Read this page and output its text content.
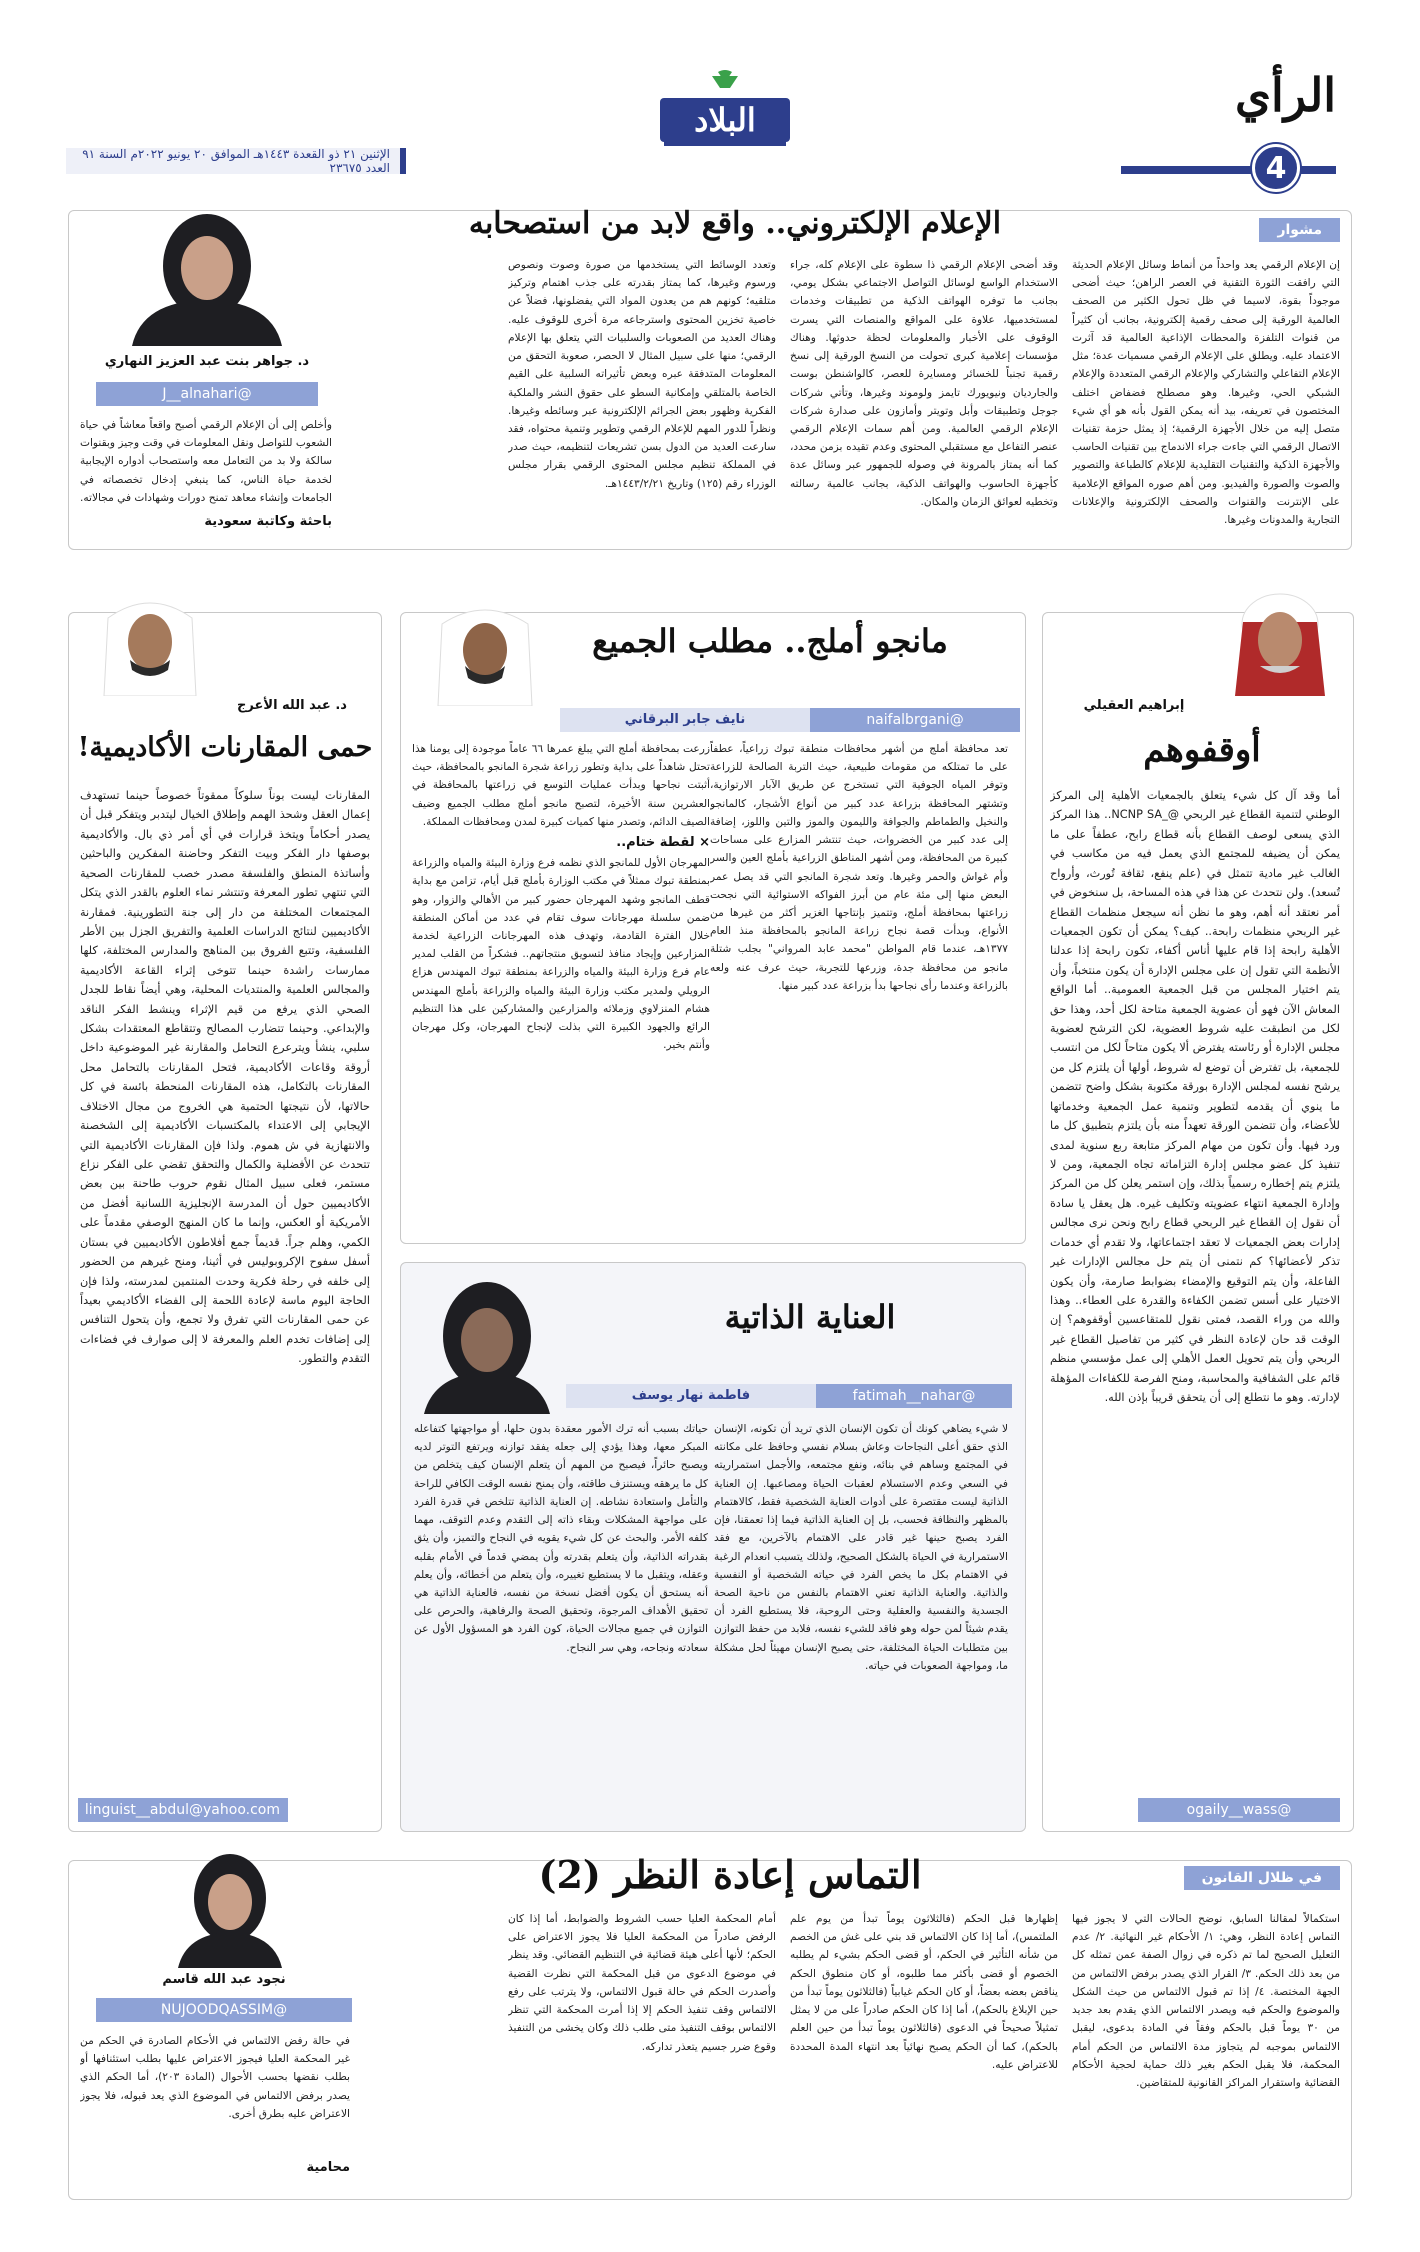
الرأي
4
البلاد
الإثنين ٢١ ذو القعدة ١٤٤٣هـ الموافق ٢٠ يونيو ٢٠٢٢م السنة ٩١ العدد ٢٣٦٧٥
مشوار
الإعلام الإلكتروني.. واقع لابد من استصحابه
إن الإعلام الرقمي يعد واحداً من أنماط وسائل الإعلام الحديثة التي رافقت الثورة التقنية في العصر الراهن؛ حيث أضحى موجوداً بقوة، لاسيما في ظل تحول الكثير من الصحف العالمية الورقية إلى صحف رقمية إلكترونية، بجانب أن كثيراً من قنوات التلفزة والمحطات الإذاعية العالمية قد آثرت الاعتماد عليه. ويطلق على الإعلام الرقمي مسميات عدة؛ مثل الإعلام التفاعلي والتشاركي والإعلام الرقمي المتعددة والإعلام الشبكي الحي، وغيرها. وهو مصطلح فضفاض اختلف المختصون في تعريفه، بيد أنه يمكن القول بأنه هو أي شيء متصل إليه من خلال الأجهزة الرقمية؛ إذ يمثل حزمة تقنيات الاتصال الرقمي التي جاءت جراء الاندماج بين تقنيات الحاسب والأجهزة الذكية والتقنيات التقليدية للإعلام كالطباعة والتصوير والصوت والصورة والفيديو. ومن أهم صوره المواقع الإعلامية على الإنترنت والقنوات والصحف الإلكترونية والإعلانات التجارية والمدونات وغيرها.
وقد أضحى الإعلام الرقمي ذا سطوة على الإعلام كله، جراء الاستخدام الواسع لوسائل التواصل الاجتماعي بشكل يومي، بجانب ما توفره الهواتف الذكية من تطبيقات وخدمات لمستخدميها، علاوة على المواقع والمنصات التي يسرت الوقوف على الأخبار والمعلومات لحظة حدوثها. وهناك مؤسسات إعلامية كبرى تحولت من النسخ الورقية إلى نسخ رقمية تجنباً للخسائر ومسايرة للعصر، كالواشنطن بوست والجارديان ونيويورك تايمز ولوموند وغيرها، وتأتي شركات جوجل وتطبيقات وأبل وتويتر وأمازون على صدارة شركات الإعلام الرقمي العالمية. ومن أهم سمات الإعلام الرقمي عنصر التفاعل مع مستقبلي المحتوى وعدم تقيده بزمن محدد، كما أنه يمتاز بالمرونة في وصوله للجمهور عبر وسائل عدة كأجهزة الحاسوب والهواتف الذكية، بجانب عالمية رسالته وتخطيه لعوائق الزمان والمكان.
وتعدد الوسائط التي يستخدمها من صورة وصوت ونصوص ورسوم وغيرها، كما يمتاز بقدرته على جذب اهتمام وتركيز متلقيه؛ كونهم هم من يعدون المواد التي يفضلونها، فضلاً عن خاصية تخزين المحتوى واسترجاعه مرة أخرى للوقوف عليه. وهناك العديد من الصعوبات والسلبيات التي يتعلق بها الإعلام الرقمي؛ منها على سبيل المثال لا الحصر، صعوبة التحقق من المعلومات المتدفقة عبره وبعض تأثيراته السلبية على القيم الخاصة بالمتلقي وإمكانية السطو على حقوق النشر والملكية الفكرية وظهور بعض الجرائم الإلكترونية عبر وسائطه وغيرها. ونظراً للدور المهم للإعلام الرقمي وتطوير وتنمية محتواه، فقد سارعت العديد من الدول بسن تشريعات لتنظيمه، حيث صدر في المملكة تنظيم مجلس المحتوى الرقمي بقرار مجلس الوزراء رقم (١٢٥) وتاريخ ١٤٤٣/٢/٢١هـ.
د. جواهر بنت عبد العزيز النهاري
@J__alnahari
وأخلص إلى أن الإعلام الرقمي أصبح واقعاً معاشاً في حياة الشعوب للتواصل ونقل المعلومات في وقت وجيز وبقنوات سالكة ولا بد من التعامل معه واستصحاب أدواره الإيجابية لخدمة حياة الناس، كما ينبغي إدخال تخصصاته في الجامعات وإنشاء معاهد تمنح دورات وشهادات في مجالاته.
باحثة وكاتبة سعودية
إبراهيم العقيلي
أوقفوهم
أما وقد آل كل شيء يتعلق بالجمعيات الأهلية إلى المركز الوطني لتنمية القطاع غير الربحي @_NCNP SA.. هذا المركز الذي يسعى لوصف القطاع بأنه قطاع رابح، عطفاً على ما يمكن أن يضيفه للمجتمع الذي يعمل فيه من مكاسب في الغالب غير مادية تتمثل في (علم ينفع، ثقافة تُورث، وأرواح تُسعد). ولن نتحدث عن هذا في هذه المساحة، بل سنخوض في أمر نعتقد أنه أهم، وهو ما نظن أنه سيجعل منظمات القطاع غير الربحي منظمات رابحة.. كيف؟ يمكن أن تكون الجمعيات الأهلية رابحة إذا قام عليها أناس أكفاء، تكون رابحة إذا عدلنا الأنظمة التي تقول إن على مجلس الإدارة أن يكون منتخباً، وأن يتم اختيار المجلس من قبل الجمعية العمومية.. أما الواقع المعاش الآن فهو أن عضوية الجمعية متاحة لكل أحد، وهذا حق لكل من انطبقت عليه شروط العضوية، لكن الترشح لعضوية مجلس الإدارة أو رئاسته يفترض ألا يكون متاحاً لكل من انتسب للجمعية، بل تفترض أن توضع له شروط، أولها أن يلتزم كل من يرشح نفسه لمجلس الإدارة بورقة مكتوبة بشكل واضح تتضمن ما ينوي أن يقدمه لتطوير وتنمية عمل الجمعية وخدماتها للأعضاء، وأن تتضمن الورقة تعهداً منه بأن يلتزم بتطبيق كل ما ورد فيها. وأن تكون من مهام المركز متابعة ربع سنوية لمدى تنفيذ كل عضو مجلس إدارة التزاماته تجاه الجمعية، ومن لا يلتزم يتم إخطاره رسمياً بذلك، وإن استمر يعلن كل من المركز وإدارة الجمعية انتهاء عضويته وتكليف غيره. هل يعقل يا سادة أن نقول إن القطاع غير الربحي قطاع رابح ونحن نرى مجالس إدارات بعض الجمعيات لا تعقد اجتماعاتها، ولا تقدم أي خدمات تذكر لأعضائها؟ كم نتمنى أن يتم حل مجالس الإدارات غير الفاعلة، وأن يتم التوقيع والإمضاء بضوابط صارمة، وأن يكون الاختيار على أسس تضمن الكفاءة والقدرة على العطاء.. وهذا والله من وراء القصد، فمتى نقول للمتقاعسين أوقفوهم؟ إن الوقت قد حان لإعادة النظر في كثير من تفاصيل القطاع غير الربحي وأن يتم تحويل العمل الأهلي إلى عمل مؤسسي منظم قائم على الشفافية والمحاسبة، ومنح الفرصة للكفاءات المؤهلة لإدارته. وهو ما نتطلع إلى أن يتحقق قريباً بإذن الله.
@ogaily__wass
مانجو أملج.. مطلب الجميع
@naifalbrgani
نايف جابر البرقاني
تعد محافظة أملج من أشهر محافظات منطقة تبوك زراعياً، عطفاً على ما تمتلكه من مقومات طبيعية، حيث التربة الصالحة للزراعة وتوفر المياه الجوفية التي تستخرج عن طريق الآبار الارتوازية، وتشتهر المحافظة بزراعة عدد كبير من أنواع الأشجار، كالمانجو والنخيل والطماطم والجوافة والليمون والموز والتين واللوز، إضافة إلى عدد كبير من الخضروات، حيث تنتشر المزارع على مساحات كبيرة من المحافظة، ومن أشهر المناطق الزراعية بأملج العين والسر وأم غواش والحمر وغيرها. وتعد شجرة المانجو التي قد يصل عمر البعض منها إلى مئة عام من أبرز الفواكه الاستوائية التي نجحت زراعتها بمحافظة أملج، وتتميز بإنتاجها الغزير أكثر من غيرها من الأنواع، وبدأت قصة نجاح زراعة المانجو بالمحافظة منذ العام ١٣٧٧هـ، عندما قام المواطن "محمد عابد المرواني" بجلب شتلة مانجو من محافظة جدة، وزرعها للتجربة، حيث عرف عنه ولعه بالزراعة وعندما رأى نجاحها بدأ بزراعة عدد كبير منها.
زرعت بمحافظة أملج التي يبلغ عمرها ٦٦ عاماً موجودة إلى يومنا هذا تحتل شاهداً على بداية وتطور زراعة شجرة المانجو بالمحافظة، حيث أثبتت نجاحها وبدأت عمليات التوسع في زراعتها بالمحافظة في العشرين سنة الأخيرة، لتصبح مانجو أملج مطلب الجميع وضيف الصيف الدائم، وتصدر منها كميات كبيرة لمدن ومحافظات المملكة.
× لقطة ختام..
المهرجان الأول للمانجو الذي نظمه فرع وزارة البيئة والمياه والزراعة بمنطقة تبوك ممثلاً في مكتب الوزارة بأملج قبل أيام، تزامن مع بداية قطف المانجو وشهد المهرجان حضور كبير من الأهالي والزوار، وهو ضمن سلسلة مهرجانات سوف تقام في عدد من أماكن المنطقة خلال الفترة القادمة، وتهدف هذه المهرجانات الزراعية لخدمة المزارعين وإيجاد منافذ لتسويق منتجاتهم.. فشكراً من القلب لمدير عام فرع وزارة البيئة والمياه والزراعة بمنطقة تبوك المهندس هزاع الرويلي ولمدير مكتب وزارة البيئة والمياه والزراعة بأملج المهندس هشام المنزلاوي وزملائه والمزارعين والمشاركين على هذا التنظيم الرائع والجهود الكبيرة التي بذلت لإنجاح المهرجان، وكل مهرجان وأنتم بخير.
د. عبد الله الأعرج
حمى المقارنات الأكاديمية!
المقارنات ليست بوناً سلوكاً ممقوتاً خصوصاً حينما تستهدف إعمال العقل وشحذ الهمم وإطلاق الخيال ليتدبر ويتفكر قبل أن يصدر أحكاماً ويتخذ قرارات في أي أمر ذي بال. والأكاديمية بوصفها دار الفكر وبيت التفكر وحاضنة المفكرين والباحثين وأساتذة المنطق والفلسفة مصدر خصب للمقارنات الصحية التي تنتهي تطور المعرفة وتنتشر نماء العلوم بالقدر الذي يتكل المجتمعات المختلفة من دار إلى جنة التطورينية. فمقارنة الأكاديميين لنتائج الدراسات العلمية والتفريق الجزل بين الأطر الفلسفية، وتتبع الفروق بين المناهج والمدارس المختلفة، كلها ممارسات راشدة حينما تتوخى إثراء القاعة الأكاديمية والمجالس العلمية والمنتديات المحلية، وهي أيضاً نقاط للجدل الصحي الذي يرفع من قيم الإثراء وينشط الفكر الناقد والإبداعي. وحينما تتضارب المصالح وتتقاطع المعتقدات بشكل سلبي، ينشأ ويترعرع التحامل والمقارنة غير الموضوعية داخل أروقة وقاعات الأكاديمية، فتحل المقارنات بالتحامل محل المقارنات بالتكامل، هذه المقارنات المنحطة بائسة في كل حالاتها، لأن نتيجتها الحتمية هي الخروج من مجال الاختلاف الإيجابي إلى الاعتداء بالمكتسبات الأكاديمية إلى الشخصنة والانتهازية في ش هموم. ولذا فإن المقارنات الأكاديمية التي تتحدث عن الأفضلية والكمال والتحقق تقضي على الفكر نزاع مستمر، فعلى سبيل المثال نقوم حروب طاحنة بين بعض الأكاديميين حول أن المدرسة الإنجليزية اللسانية أفضل من الأمريكية أو العكس، وإنما ما كان المنهج الوصفي مقدماً على الكمي، وهلم جراً. قديماً جمع أفلاطون الأكاديميين في بستان أسفل سفوح الإكروبوليس في أثينا، ومنح غيرهم من الحضور إلى خلفه في رحلة فكرية وحدت المنتمين لمدرسته، ولذا فإن الحاجة اليوم ماسة لإعادة اللحمة إلى الفضاء الأكاديمي بعيداً عن حمى المقارنات التي تفرق ولا تجمع، وأن يتحول التنافس إلى إضافات تخدم العلم والمعرفة لا إلى صوارف في فضاءات التقدم والتطور.
linguist__abdul@yahoo.com
العناية الذاتية
@fatimah__nahar
فاطمة نهار يوسف
لا شيء يضاهي كونك أن تكون الإنسان الذي تريد أن تكونه، الإنسان الذي حقق أعلى النجاحات وعاش بسلام نفسي وحافظ على مكانته في المجتمع وساهم في بنائه، ونفع مجتمعه، والأجمل استمراريته في السعي وعدم الاستسلام لعقبات الحياة ومصاعبها. إن العناية الذاتية ليست مقتصرة على أدوات العناية الشخصية فقط، كالاهتمام بالمظهر والنظافة فحسب، بل إن العناية الذاتية فيما إذا تعمقنا، فإن الفرد يصبح حينها غير قادر على الاهتمام بالآخرين، مع فقد الاستمرارية في الحياة بالشكل الصحيح، ولذلك يتسبب انعدام الرغبة في الاهتمام بكل ما يخص الفرد في حياته الشخصية أو النفسية والذاتية. والعناية الذاتية تعني الاهتمام بالنفس من ناحية الصحة الجسدية والنفسية والعقلية وحتى الروحية، فلا يستطيع الفرد أن يقدم شيئاً لمن حوله وهو فاقد للشيء نفسه، فلابد من حفظ التوازن بين متطلبات الحياة المختلفة، حتى يصبح الإنسان مهيئاً لحل مشكلة ما، ومواجهة الصعوبات في حياته.
حياتك بسبب أنه ترك الأمور معقدة بدون حلها، أو مواجهتها كتفاعله المبكر معها، وهذا يؤدي إلى جعله يفقد توازنه ويرتفع التوتر لديه ويصبح حائراً، فيصبح من المهم أن يتعلم الإنسان كيف يتخلص من كل ما يرهقه ويستنزف طاقته، وأن يمنح نفسه الوقت الكافي للراحة والتأمل واستعادة نشاطه. إن العناية الذاتية تتلخص في قدرة الفرد على مواجهة المشكلات وبقاء ذاته إلى التقدم وعدم التوقف، مهما كلفه الأمر. والبحث عن كل شيء يقويه في النجاح والتميز، وأن يثق بقدراته الذاتية، وأن يتعلم بقدرته وأن يمضي قدماً في الأمام بقلبه وعقله، ويتقبل ما لا يستطيع تغييره، وأن يتعلم من أخطائه، وأن يعلم أنه يستحق أن يكون أفضل نسخة من نفسه، فالعناية الذاتية هي تحقيق الأهداف المرجوة، وتحقيق الصحة والرفاهية، والحرص على التوازن في جميع مجالات الحياة، كون الفرد هو المسؤول الأول عن سعادته ونجاحه، وهي سر النجاح.
في ظلال القانون
التماس إعادة النظر (2)
استكمالاً لمقالنا السابق، نوضح الحالات التي لا يجوز فيها التماس إعادة النظر، وهي: ١/ الأحكام غير النهائية. ٢/ عدم التعليل الصحيح لما تم ذكره في زوال الصفة عمن تمثله كل من بعد ذلك الحكم. ٣/ القرار الذي يصدر برفض الالتماس من الجهة المختصة. ٤/ إذا تم قبول الالتماس من حيث الشكل والموضوع والحكم فيه ويصدر الالتماس الذي يقدم بعد جديد من ٣٠ يوماً قبل بالحكم وفقاً في المادة بدعوى، ليقبل الالتماس بموجبه لم يتجاوز مدة الالتماس من الحكم أمام المحكمة، فلا يقبل الحكم بغير ذلك حماية لحجية الأحكام القضائية واستقرار المراكز القانونية للمتقاضين.
إظهارها قبل الحكم (فالثلاثون يوماً تبدأ من يوم علم الملتمس)، أما إذا كان الالتماس قد بني على غش من الخصم من شأنه التأثير في الحكم، أو قضى الحكم بشيء لم يطلبه الخصوم أو قضى بأكثر مما طلبوه، أو كان منطوق الحكم يناقض بعضه بعضاً، أو كان الحكم غيابياً (فالثلاثون يوماً تبدأ من حين الإبلاغ بالحكم)، أما إذا كان الحكم صادراً على من لا يمثل تمثيلاً صحيحاً في الدعوى (فالثلاثون يوماً تبدأ من حين العلم بالحكم)، كما أن الحكم يصبح نهائياً بعد انتهاء المدة المحددة للاعتراض عليه.
أمام المحكمة العليا حسب الشروط والضوابط، أما إذا كان الرفض صادراً من المحكمة العليا فلا يجوز الاعتراض على الحكم؛ لأنها أعلى هيئة قضائية في التنظيم القضائي. وقد ينظر في موضوع الدعوى من قبل المحكمة التي نظرت القضية وأصدرت الحكم في حالة قبول الالتماس، ولا يترتب على رفع الالتماس وقف تنفيذ الحكم إلا إذا أمرت المحكمة التي تنظر الالتماس بوقف التنفيذ متى طلب ذلك وكان يخشى من التنفيذ وقوع ضرر جسيم يتعذر تداركه.
نجود عبد الله قاسم
@NUJOODQASSIM
في حالة رفض الالتماس في الأحكام الصادرة في الحكم من غير المحكمة العليا فيجوز الاعتراض عليها بطلب استئنافها أو بطلب نقضها بحسب الأحوال (المادة ٢٠٣)، أما الحكم الذي يصدر برفض الالتماس في الموضوع الذي يعد قبوله، فلا يجوز الاعتراض عليه بطرق أخرى.
محامية
